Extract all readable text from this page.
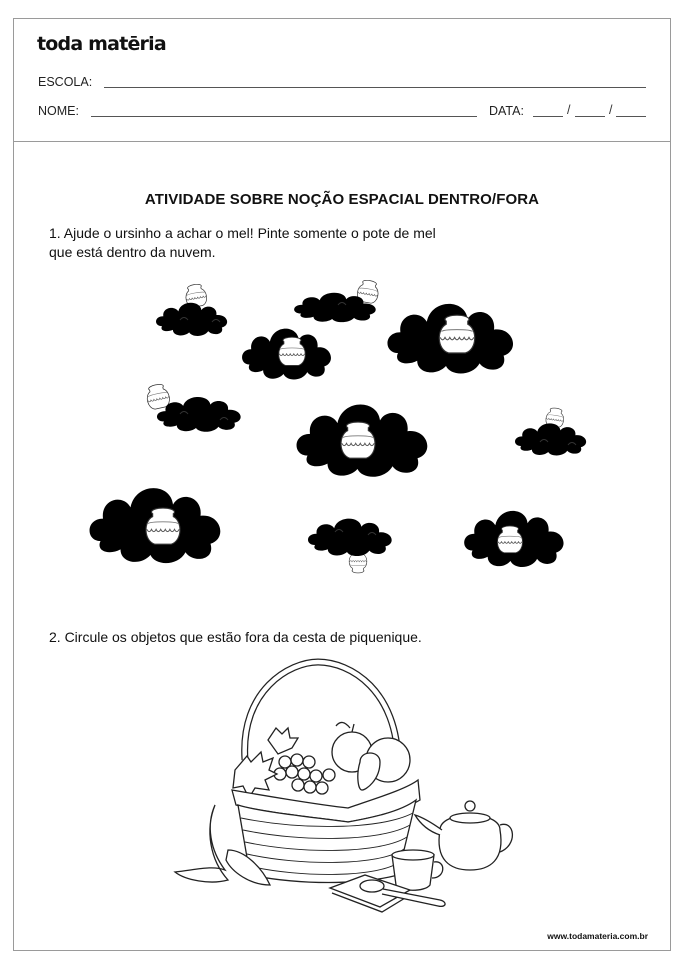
toda matēria
ESCOLA:
NOME:	DATA:	/	/
ATIVIDADE SOBRE NOÇÃO ESPACIAL DENTRO/FORA
1. Ajude o ursinho a achar o mel! Pinte somente o pote de mel
que está dentro da nuvem.
2. Circule os objetos que estão fora da cesta de piquenique.
www.todamateria.com.br
